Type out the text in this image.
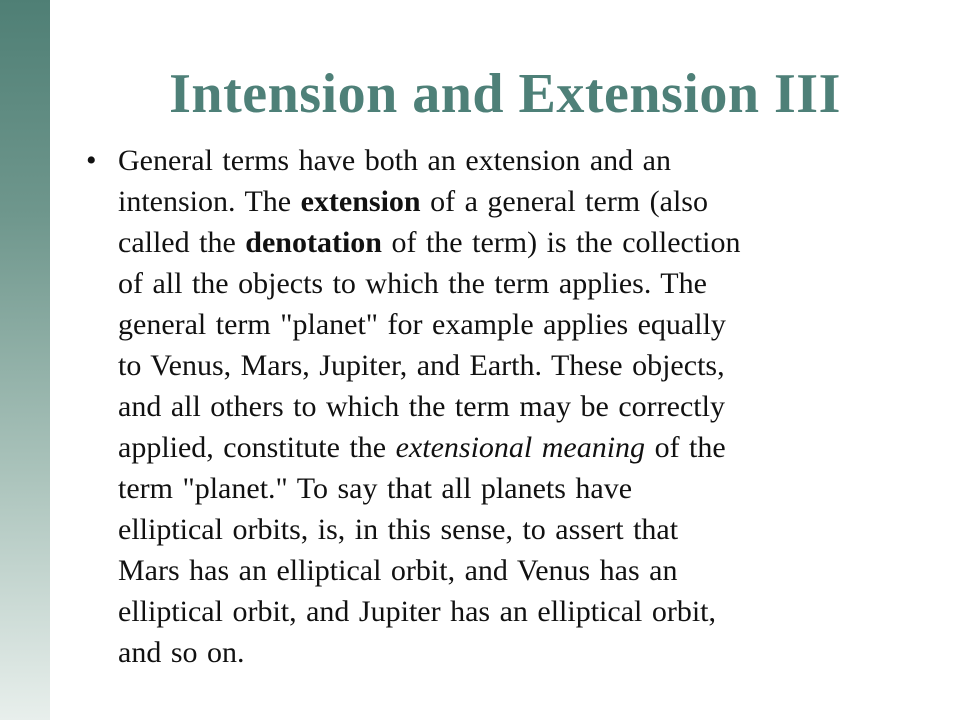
Intension and Extension III
• General terms have both an extension and an
intension. The extension of a general term (also
called the denotation of the term) is the collection
of all the objects to which the term applies. The
general term "planet" for example applies equally
to Venus, Mars, Jupiter, and Earth. These objects,
and all others to which the term may be correctly
applied, constitute the extensional meaning of the
term "planet." To say that all planets have
elliptical orbits, is, in this sense, to assert that
Mars has an elliptical orbit, and Venus has an
elliptical orbit, and Jupiter has an elliptical orbit,
and so on.
